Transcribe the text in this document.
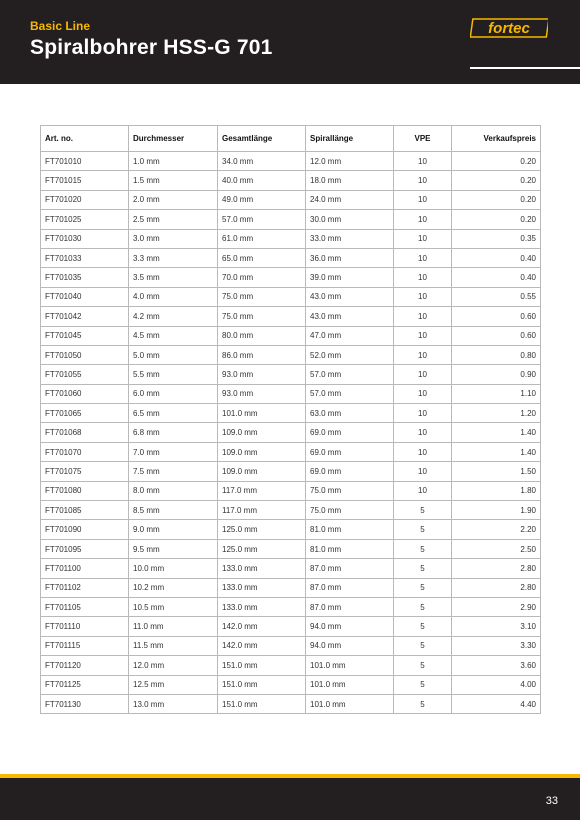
Basic Line
Spiralbohrer HSS-G 701
fortec
Art. no.	Durchmesser	Gesamtlänge	Spirallänge	VPE	Verkaufspreis
FT701010	1.0 mm	34.0 mm	12.0 mm	10	0.20
FT701015	1.5 mm	40.0 mm	18.0 mm	10	0.20
FT701020	2.0 mm	49.0 mm	24.0 mm	10	0.20
FT701025	2.5 mm	57.0 mm	30.0 mm	10	0.20
FT701030	3.0 mm	61.0 mm	33.0 mm	10	0.35
FT701033	3.3 mm	65.0 mm	36.0 mm	10	0.40
FT701035	3.5 mm	70.0 mm	39.0 mm	10	0.40
FT701040	4.0 mm	75.0 mm	43.0 mm	10	0.55
FT701042	4.2 mm	75.0 mm	43.0 mm	10	0.60
FT701045	4.5 mm	80.0 mm	47.0 mm	10	0.60
FT701050	5.0 mm	86.0 mm	52.0 mm	10	0.80
FT701055	5.5 mm	93.0 mm	57.0 mm	10	0.90
FT701060	6.0 mm	93.0 mm	57.0 mm	10	1.10
FT701065	6.5 mm	101.0 mm	63.0 mm	10	1.20
FT701068	6.8 mm	109.0 mm	69.0 mm	10	1.40
FT701070	7.0 mm	109.0 mm	69.0 mm	10	1.40
FT701075	7.5 mm	109.0 mm	69.0 mm	10	1.50
FT701080	8.0 mm	117.0 mm	75.0 mm	10	1.80
FT701085	8.5 mm	117.0 mm	75.0 mm	5	1.90
FT701090	9.0 mm	125.0 mm	81.0 mm	5	2.20
FT701095	9.5 mm	125.0 mm	81.0 mm	5	2.50
FT701100	10.0 mm	133.0 mm	87.0 mm	5	2.80
FT701102	10.2 mm	133.0 mm	87.0 mm	5	2.80
FT701105	10.5 mm	133.0 mm	87.0 mm	5	2.90
FT701110	11.0 mm	142.0 mm	94.0 mm	5	3.10
FT701115	11.5 mm	142.0 mm	94.0 mm	5	3.30
FT701120	12.0 mm	151.0 mm	101.0 mm	5	3.60
FT701125	12.5 mm	151.0 mm	101.0 mm	5	4.00
FT701130	13.0 mm	151.0 mm	101.0 mm	5	4.40
33
